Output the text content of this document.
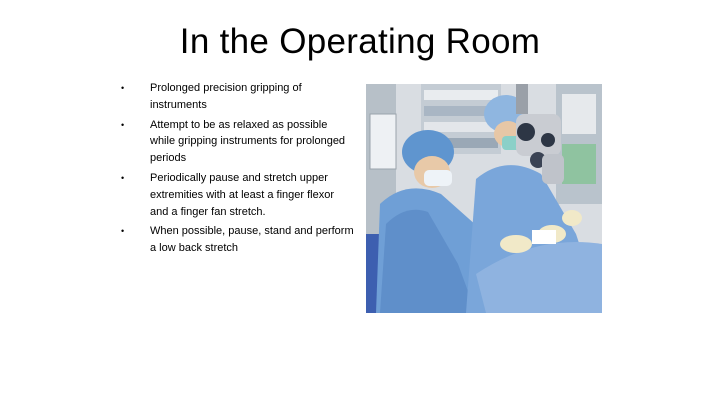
In the Operating Room
• Prolonged precision gripping of instruments
• Attempt to be as relaxed as possible while gripping instruments for prolonged periods
• Periodically pause and stretch upper extremities with at least a finger flexor and a finger fan stretch.
• When possible, pause, stand and perform a low back stretch
